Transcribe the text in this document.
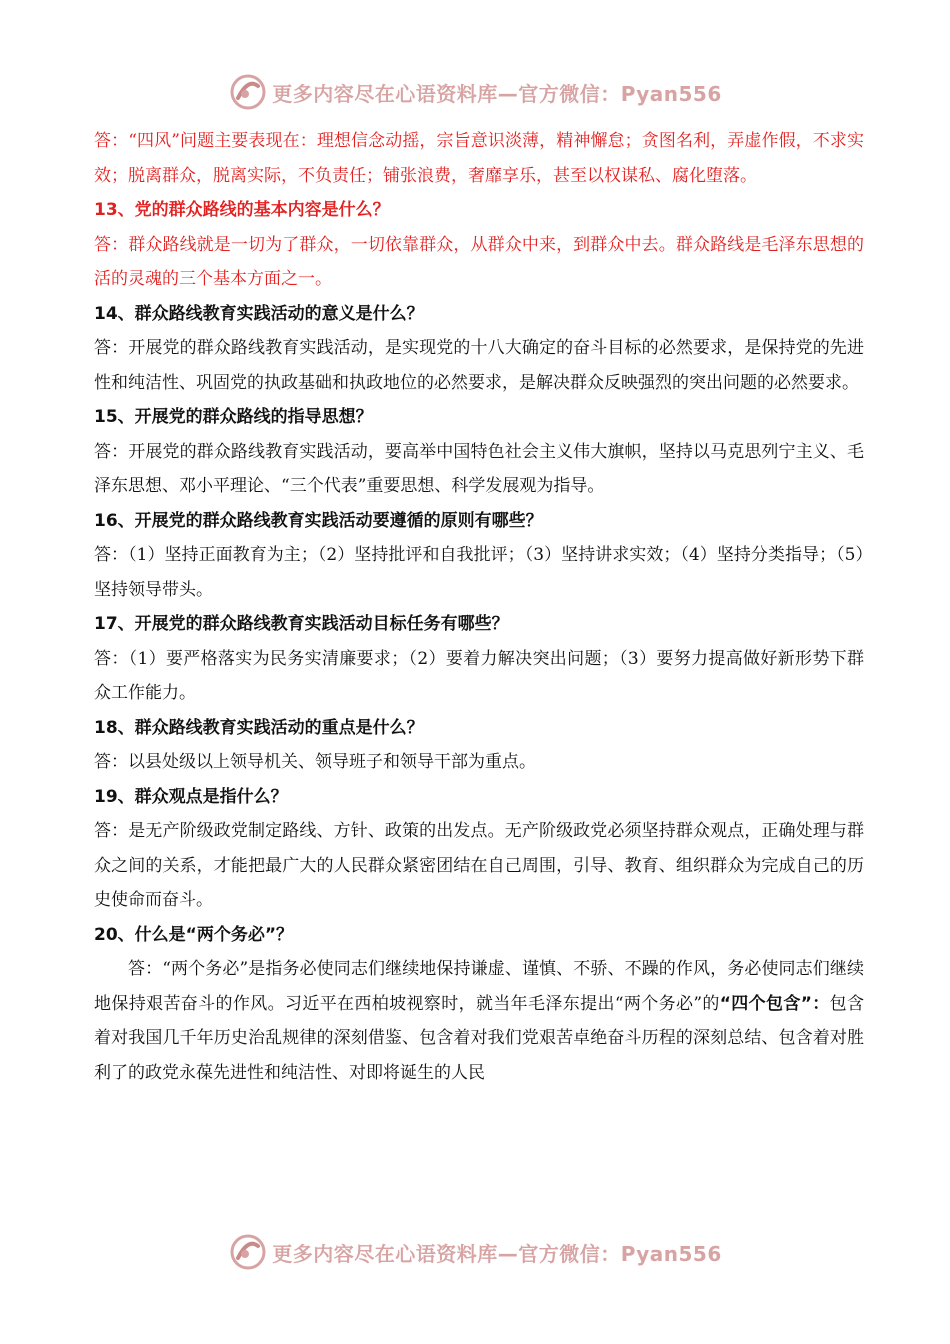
更多内容尽在心语资料库—官方微信：Pyan556

答：“四风”问题主要表现在：理想信念动摇，宗旨意识淡薄，精神懈怠；贪图名利，弄虚作假，不求实效；脱离群众，脱离实际，不负责任；铺张浪费，奢靡享乐，甚至以权谋私、腐化堕落。

13、党的群众路线的基本内容是什么？

答：群众路线就是一切为了群众，一切依靠群众，从群众中来，到群众中去。群众路线是毛泽东思想的活的灵魂的三个基本方面之一。

14、群众路线教育实践活动的意义是什么？

答：开展党的群众路线教育实践活动，是实现党的十八大确定的奋斗目标的必然要求，是保持党的先进性和纯洁性、巩固党的执政基础和执政地位的必然要求，是解决群众反映强烈的突出问题的必然要求。

15、开展党的群众路线的指导思想？

答：开展党的群众路线教育实践活动，要高举中国特色社会主义伟大旗帜，坚持以马克思列宁主义、毛泽东思想、邓小平理论、“三个代表”重要思想、科学发展观为指导。

16、开展党的群众路线教育实践活动要遵循的原则有哪些？

答：（1）坚持正面教育为主；（2）坚持批评和自我批评；（3）坚持讲求实效；（4）坚持分类指导；（5）坚持领导带头。

17、开展党的群众路线教育实践活动目标任务有哪些？

答：（1）要严格落实为民务实清廉要求；（2）要着力解决突出问题；（3）要努力提高做好新形势下群众工作能力。

18、群众路线教育实践活动的重点是什么？

答：以县处级以上领导机关、领导班子和领导干部为重点。

19、群众观点是指什么？

答：是无产阶级政党制定路线、方针、政策的出发点。无产阶级政党必须坚持群众观点，正确处理与群众之间的关系，才能把最广大的人民群众紧密团结在自己周围，引导、教育、组织群众为完成自己的历史使命而奋斗。

20、什么是“两个务必”？

答：“两个务必”是指务必使同志们继续地保持谦虚、谨慎、不骄、不躁的作风，务必使同志们继续地保持艰苦奋斗的作风。习近平在西柏坡视察时，就当年毛泽东提出“两个务必”的“四个包含”：包含着对我国几千年历史治乱规律的深刻借鉴、包含着对我们党艰苦卓绝奋斗历程的深刻总结、包含着对胜利了的政党永葆先进性和纯洁性、对即将诞生的人民

更多内容尽在心语资料库—官方微信：Pyan556
